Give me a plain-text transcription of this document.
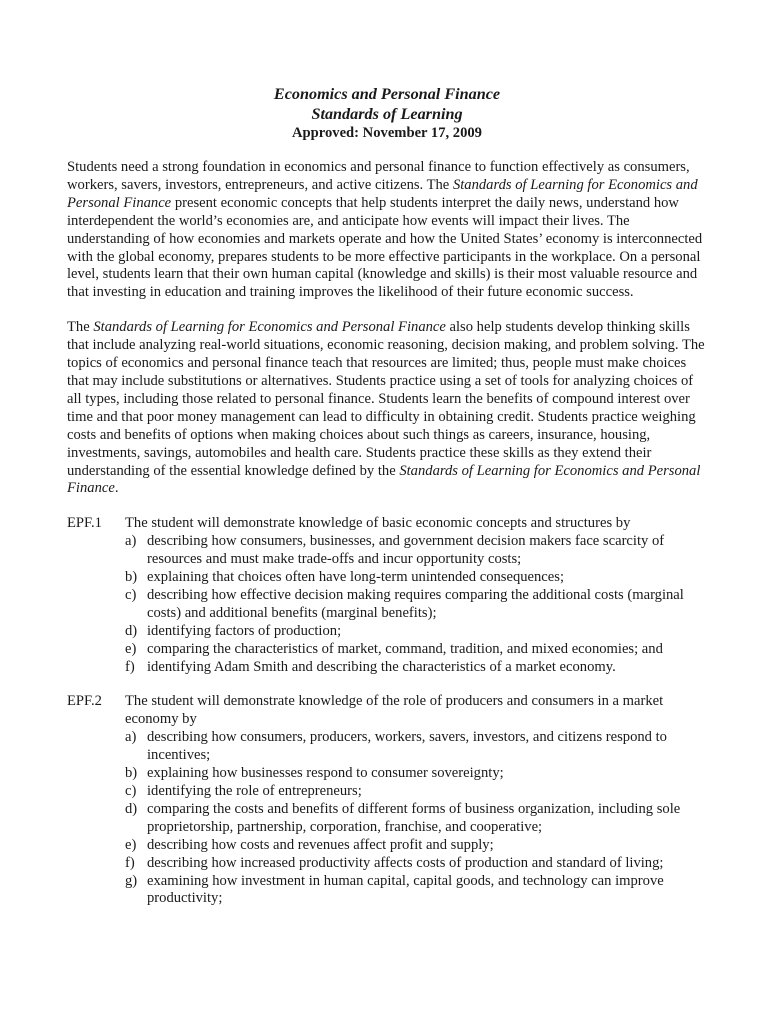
Economics and Personal Finance

Standards of Learning

Approved: November 17, 2009

Students need a strong foundation in economics and personal finance to function effectively as consumers, workers, savers, investors, entrepreneurs, and active citizens. The Standards of Learning for Economics and Personal Finance present economic concepts that help students interpret the daily news, understand how interdependent the world’s economies are, and anticipate how events will impact their lives. The understanding of how economies and markets operate and how the United States’ economy is interconnected with the global economy, prepares students to be more effective participants in the workplace. On a personal level, students learn that their own human capital (knowledge and skills) is their most valuable resource and that investing in education and training improves the likelihood of their future economic success.

The Standards of Learning for Economics and Personal Finance also help students develop thinking skills that include analyzing real-world situations, economic reasoning, decision making, and problem solving. The topics of economics and personal finance teach that resources are limited; thus, people must make choices that may include substitutions or alternatives. Students practice using a set of tools for analyzing choices of all types, including those related to personal finance. Students learn the benefits of compound interest over time and that poor money management can lead to difficulty in obtaining credit. Students practice weighing costs and benefits of options when making choices about such things as careers, insurance, housing, investments, savings, automobiles and health care. Students practice these skills as they extend their understanding of the essential knowledge defined by the Standards of Learning for Economics and Personal Finance.

EPF.1	The student will demonstrate knowledge of basic economic concepts and structures by
a) describing how consumers, businesses, and government decision makers face scarcity of resources and must make trade-offs and incur opportunity costs;
b) explaining that choices often have long-term unintended consequences;
c) describing how effective decision making requires comparing the additional costs (marginal costs) and additional benefits (marginal benefits);
d) identifying factors of production;
e) comparing the characteristics of market, command, tradition, and mixed economies; and
f) identifying Adam Smith and describing the characteristics of a market economy.
EPF.2	The student will demonstrate knowledge of the role of producers and consumers in a market economy by
a) describing how consumers, producers, workers, savers, investors, and citizens respond to incentives;
b) explaining how businesses respond to consumer sovereignty;
c) identifying the role of entrepreneurs;
d) comparing the costs and benefits of different forms of business organization, including sole proprietorship, partnership, corporation, franchise, and cooperative;
e) describing how costs and revenues affect profit and supply;
f) describing how increased productivity affects costs of production and standard of living;
g) examining how investment in human capital, capital goods, and technology can improve productivity;
